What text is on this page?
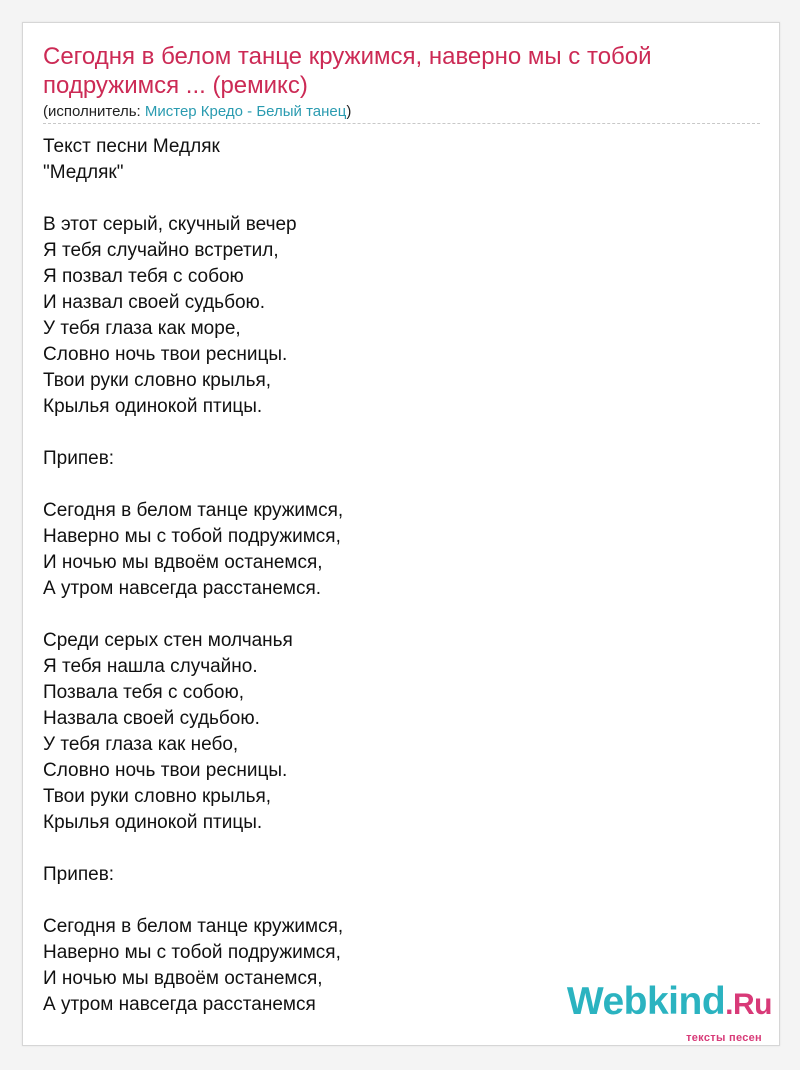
Сегодня в белом танце кружимся, наверно мы с тобой подружимся ... (ремикс)
(исполнитель: Мистер Кредо - Белый танец)
Текст песни Медляк
"Медляк"
В этот серый, скучный вечер
Я тебя случайно встретил,
Я позвал тебя с собою
И назвал своей судьбою.
У тебя глаза как море,
Словно ночь твои ресницы.
Твои руки словно крылья,
Крылья одинокой птицы.
Припев:
Сегодня в белом танце кружимся,
Наверно мы с тобой подружимся,
И ночью мы вдвоём останемся,
А утром навсегда расстанемся.
Среди серых стен молчанья
Я тебя нашла случайно.
Позвала тебя с собою,
Назвала своей судьбою.
У тебя глаза как небо,
Словно ночь твои ресницы.
Твои руки словно крылья,
Крылья одинокой птицы.
Припев:
Сегодня в белом танце кружимся,
Наверно мы с тобой подружимся,
И ночью мы вдвоём останемся,
А утром навсегда расстанемся	Webkind.Ru
тексты песен
